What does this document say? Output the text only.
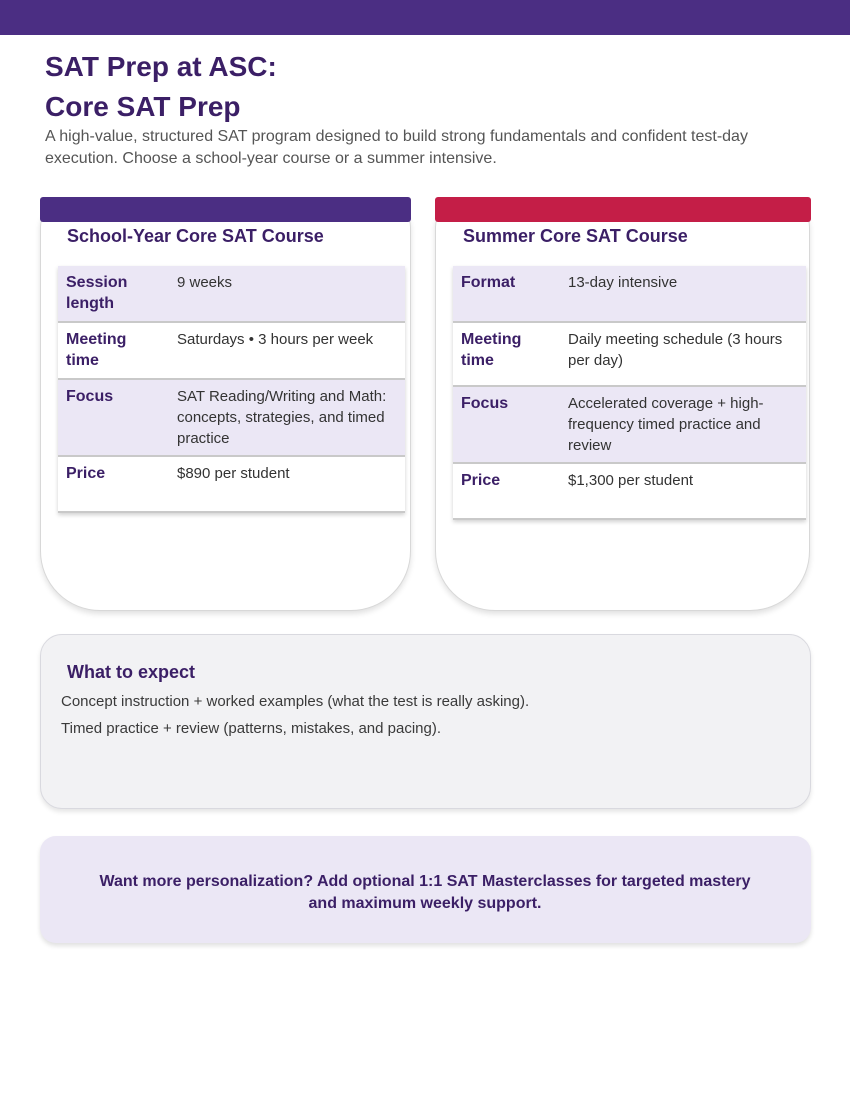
SAT Prep at ASC:
Core SAT Prep
A high-value, structured SAT program designed to build strong fundamentals and confident test-day execution. Choose a school-year course or a summer intensive.
School-Year Core SAT Course
Session length	9 weeks
Meeting time	Saturdays • 3 hours per week
Focus	SAT Reading/Writing and Math: concepts, strategies, and timed practice
Price	$890 per student
Summer Core SAT Course
Format	13-day intensive
Meeting time	Daily meeting schedule (3 hours per day)
Focus	Accelerated coverage + high-frequency timed practice and review
Price	$1,300 per student
What to expect
Concept instruction + worked examples (what the test is really asking).
Timed practice + review (patterns, mistakes, and pacing).
Want more personalization? Add optional 1:1 SAT Masterclasses for targeted mastery and maximum weekly support.
